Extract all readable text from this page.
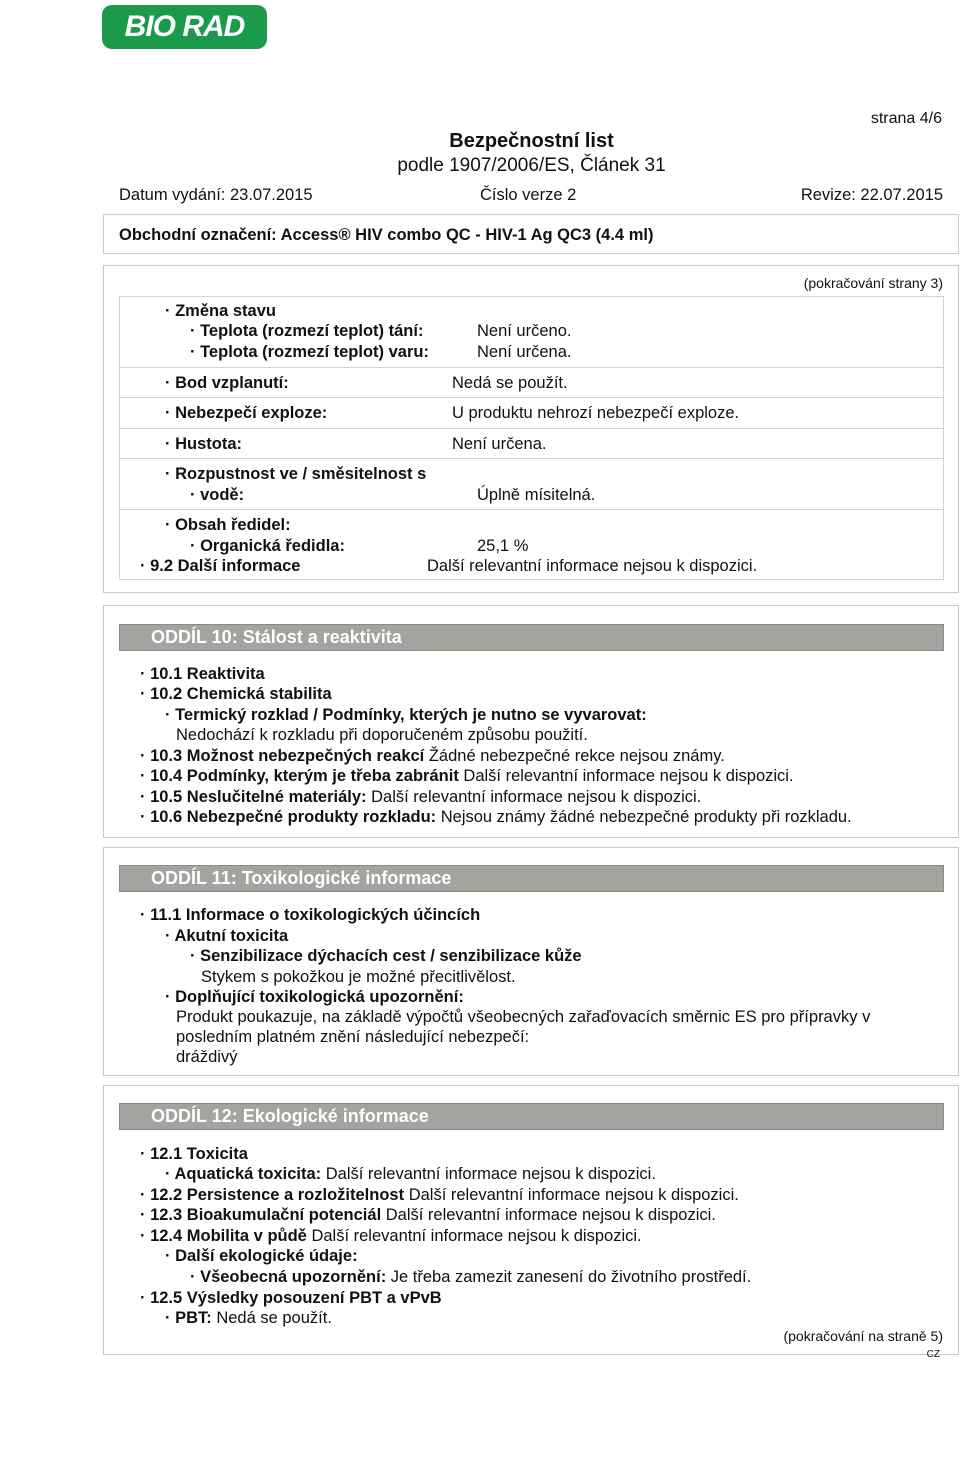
BIO RAD
strana 4/6
Bezpečnostní list
podle 1907/2006/ES, Článek 31
Datum vydání: 23.07.2015	Číslo verze 2	Revize: 22.07.2015
Obchodní označení: Access® HIV combo QC - HIV-1 Ag QC3 (4.4 ml)
(pokračování strany 3)
· Změna stavu
· Teplota (rozmezí teplot) tání:	Není určeno.
· Teplota (rozmezí teplot) varu:	Není určena.
· Bod vzplanutí:	Nedá se použít.
· Nebezpečí exploze:	U produktu nehrozí nebezpečí exploze.
· Hustota:	Není určena.
· Rozpustnost ve / směsitelnost s
· vodě:	Úplně mísitelná.
· Obsah ředidel:
· Organická ředidla:	25,1 %
· 9.2 Další informace	Další relevantní informace nejsou k dispozici.
ODDÍL 10: Stálost a reaktivita
· 10.1 Reaktivita
· 10.2 Chemická stabilita
· Termický rozklad / Podmínky, kterých je nutno se vyvarovat:
Nedochází k rozkladu při doporučeném způsobu použití.
· 10.3 Možnost nebezpečných reakcí Žádné nebezpečné rekce nejsou známy.
· 10.4 Podmínky, kterým je třeba zabránit Další relevantní informace nejsou k dispozici.
· 10.5 Neslučitelné materiály: Další relevantní informace nejsou k dispozici.
· 10.6 Nebezpečné produkty rozkladu: Nejsou známy žádné nebezpečné produkty při rozkladu.
ODDÍL 11: Toxikologické informace
· 11.1 Informace o toxikologických účincích
· Akutní toxicita
· Senzibilizace dýchacích cest / senzibilizace kůže
Stykem s pokožkou je možné přecitlivělost.
· Doplňující toxikologická upozornění:
Produkt poukazuje, na základě výpočtů všeobecných zařaďovacích směrnic ES pro přípravky v
posledním platném znění následující nebezpečí:
dráždivý
ODDÍL 12: Ekologické informace
· 12.1 Toxicita
· Aquatická toxicita: Další relevantní informace nejsou k dispozici.
· 12.2 Persistence a rozložitelnost Další relevantní informace nejsou k dispozici.
· 12.3 Bioakumulační potenciál Další relevantní informace nejsou k dispozici.
· 12.4 Mobilita v půdě Další relevantní informace nejsou k dispozici.
· Další ekologické údaje:
· Všeobecná upozornění: Je třeba zamezit zanesení do životního prostředí.
· 12.5 Výsledky posouzení PBT a vPvB
· PBT: Nedá se použít.
(pokračování na straně 5)
CZ
